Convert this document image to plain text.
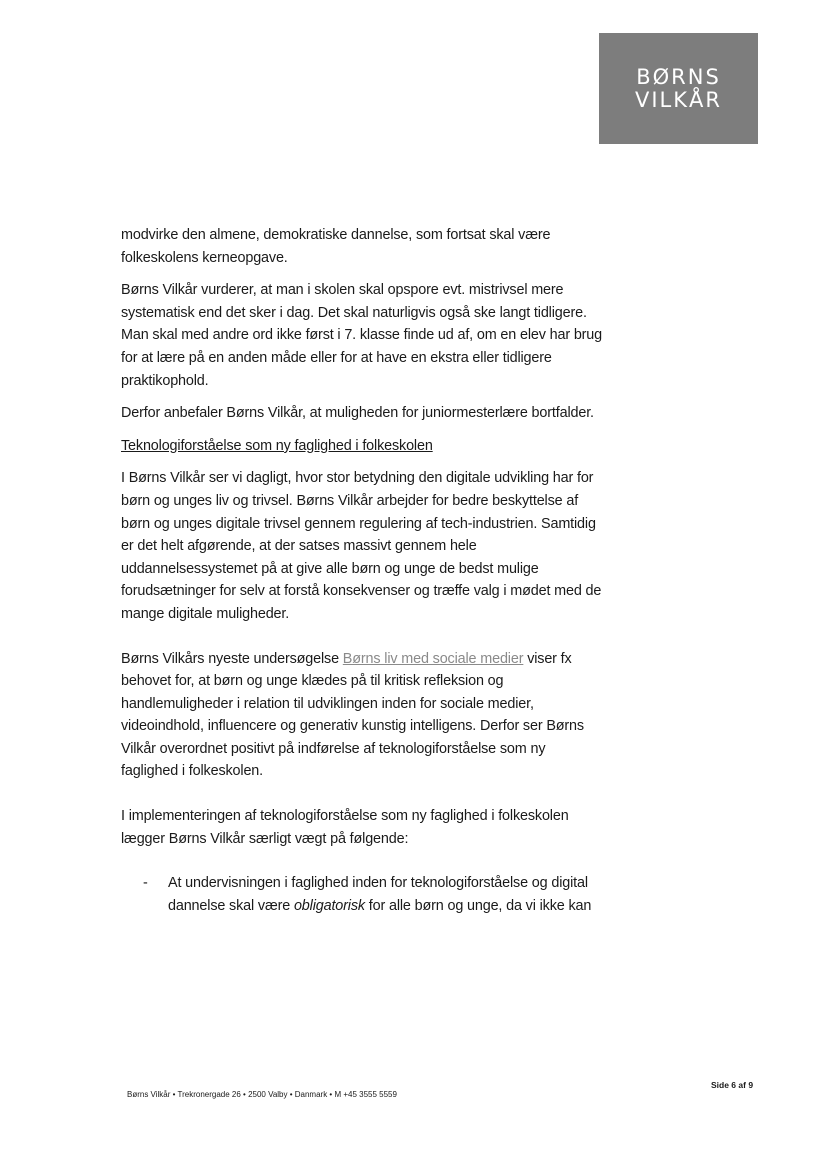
BØRNS
VILKÅR

modvirke den almene, demokratiske dannelse, som fortsat skal være folkeskolens kerneopgave.

Børns Vilkår vurderer, at man i skolen skal opspore evt. mistrivsel mere systematisk end det sker i dag. Det skal naturligvis også ske langt tidligere. Man skal med andre ord ikke først i 7. klasse finde ud af, om en elev har brug for at lære på en anden måde eller for at have en ekstra eller tidligere praktikophold.

Derfor anbefaler Børns Vilkår, at muligheden for juniormesterlære bortfalder.

Teknologiforståelse som ny faglighed i folkeskolen

I Børns Vilkår ser vi dagligt, hvor stor betydning den digitale udvikling har for børn og unges liv og trivsel. Børns Vilkår arbejder for bedre beskyttelse af børn og unges digitale trivsel gennem regulering af tech-industrien. Samtidig er det helt afgørende, at der satses massivt gennem hele uddannelsessystemet på at give alle børn og unge de bedst mulige forudsætninger for selv at forstå konsekvenser og træffe valg i mødet med de mange digitale muligheder.

Børns Vilkårs nyeste undersøgelse Børns liv med sociale medier viser fx behovet for, at børn og unge klædes på til kritisk refleksion og handlemuligheder i relation til udviklingen inden for sociale medier, videoindhold, influencere og generativ kunstig intelligens. Derfor ser Børns Vilkår overordnet positivt på indførelse af teknologiforståelse som ny faglighed i folkeskolen.

I implementeringen af teknologiforståelse som ny faglighed i folkeskolen lægger Børns Vilkår særligt vægt på følgende:

- At undervisningen i faglighed inden for teknologiforståelse og digital dannelse skal være obligatorisk for alle børn og unge, da vi ikke kan
Side 6 af 9
Børns Vilkår • Trekronergade 26 • 2500 Valby • Danmark • M +45 3555 5559
